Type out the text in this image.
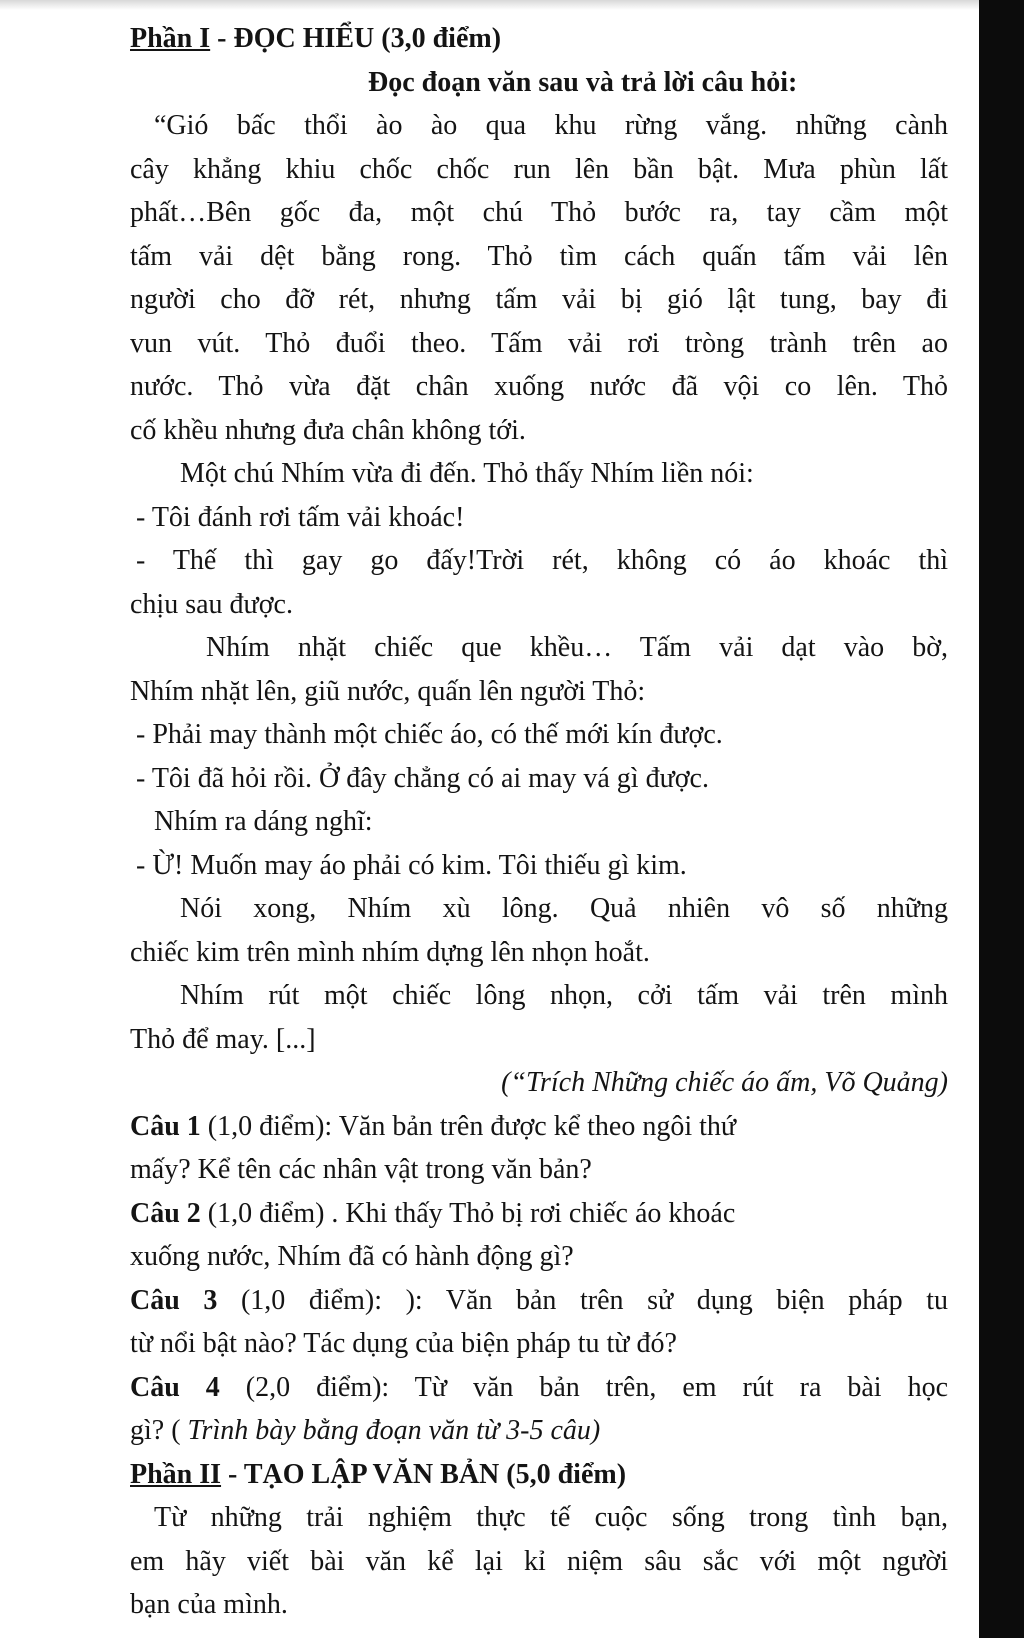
Phần I - ĐỌC HIỂU (3,0 điểm)
Đọc đoạn văn sau và trả lời câu hỏi:
“Gió bấc thổi ào ào qua khu rừng vắng. những cành
cây khẳng khiu chốc chốc run lên bần bật. Mưa phùn lất
phất…Bên gốc đa, một chú Thỏ bước ra, tay cầm một
tấm vải dệt bằng rong. Thỏ tìm cách quấn tấm vải lên
người cho đỡ rét, nhưng tấm vải bị gió lật tung, bay đi
vun vút. Thỏ đuổi theo. Tấm vải rơi tròng trành trên ao
nước. Thỏ vừa đặt chân xuống nước đã vội co lên. Thỏ
cố khều nhưng đưa chân không tới.
Một chú Nhím vừa đi đến. Thỏ thấy Nhím liền nói:
- Tôi đánh rơi tấm vải khoác!
- Thế thì gay go đấy!Trời rét, không có áo khoác thì
chịu sau được.
Nhím nhặt chiếc que khều… Tấm vải dạt vào bờ,
Nhím nhặt lên, giũ nước, quấn lên người Thỏ:
- Phải may thành một chiếc áo, có thế mới kín được.
- Tôi đã hỏi rồi. Ở đây chẳng có ai may vá gì được.
Nhím ra dáng nghĩ:
- Ừ! Muốn may áo phải có kim. Tôi thiếu gì kim.
Nói xong, Nhím xù lông. Quả nhiên vô số những
chiếc kim trên mình nhím dựng lên nhọn hoắt.
Nhím rút một chiếc lông nhọn, cởi tấm vải trên mình
Thỏ để may. [...]
(“Trích Những chiếc áo ấm, Võ Quảng)
Câu 1 (1,0 điểm): Văn bản trên được kể theo ngôi thứ
mấy? Kể tên các nhân vật trong văn bản?
Câu 2 (1,0 điểm) . Khi thấy Thỏ bị rơi chiếc áo khoác
xuống nước, Nhím đã có hành động gì?
Câu 3 (1,0 điểm): ): Văn bản trên sử dụng biện pháp tu
từ nổi bật nào? Tác dụng của biện pháp tu từ đó?
Câu 4 (2,0 điểm): Từ văn bản trên, em rút ra bài học
gì? ( Trình bày bằng đoạn văn từ 3-5 câu)
Phần II - TẠO LẬP VĂN BẢN (5,0 điểm)
Từ những trải nghiệm thực tế cuộc sống trong tình bạn,
em hãy viết bài văn kể lại kỉ niệm sâu sắc với một người
bạn của mình.
